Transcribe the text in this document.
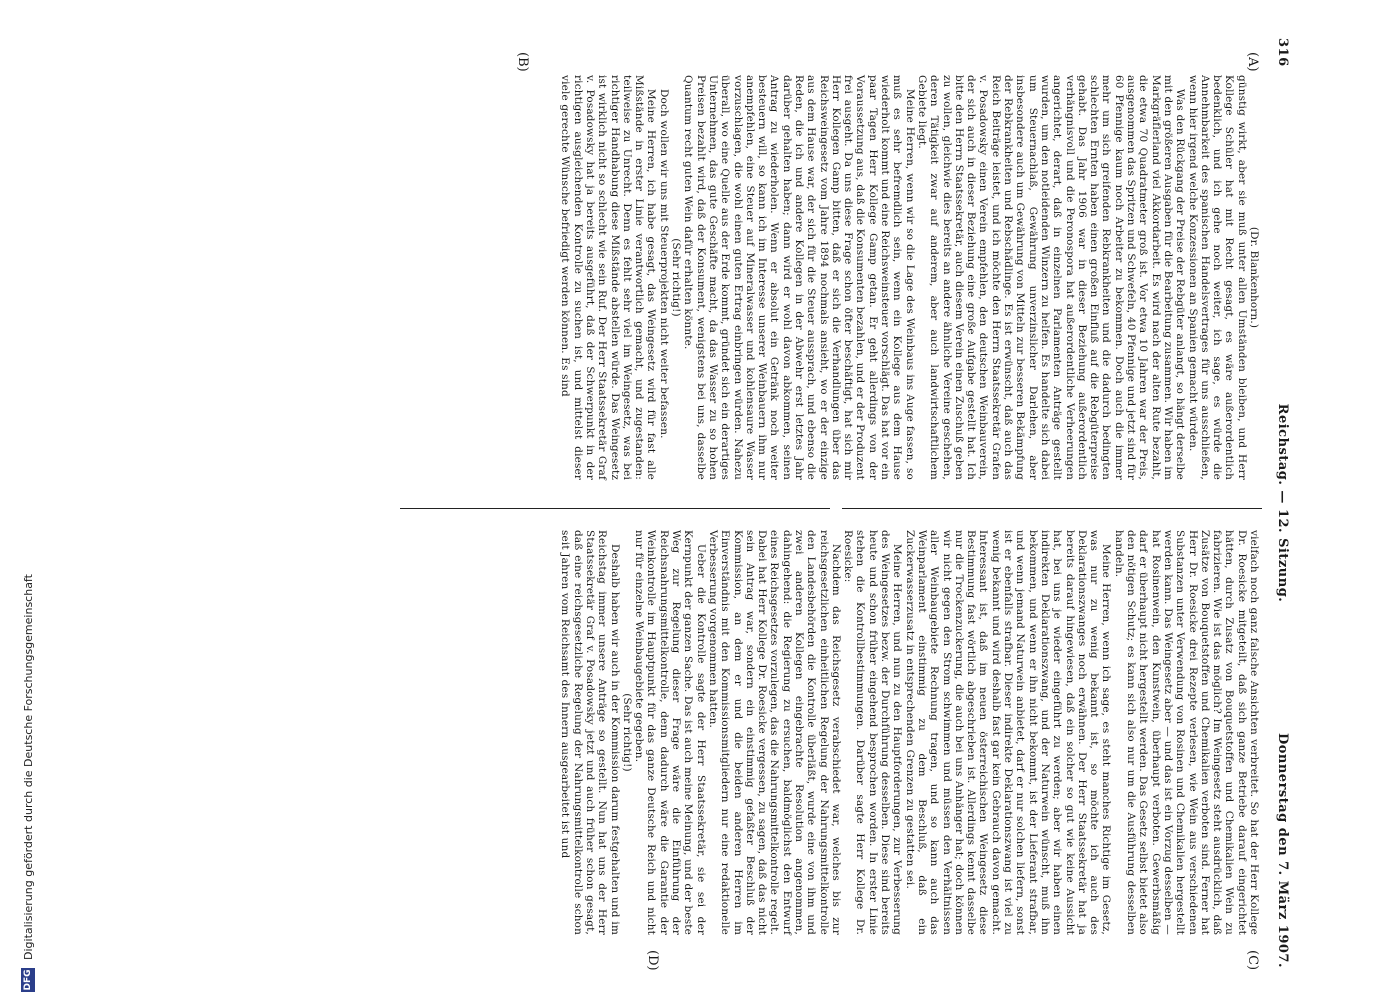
316
Reichstag. — 12. Sitzung.
Donnerstag den 7. März 1907.
(A)
(B)
(C)
(D)

(Dr. Blankenhorn.)

günstig wirkt, aber sie muß unter allen Umständen bleiben, und Herr Kollege Schüler hat mit Recht gesagt, es wäre außerordentlich bedenklich, und ich gehe noch weiter, ich sage, es würde die Annehmbarkeit des spanischen Handelsvertrages für uns ausschließen, wenn hier irgend welche Konzessionen an Spanien gemacht würden.

Was den Rückgang der Preise der Rebgüter anlangt, so hängt derselbe mit den größeren Ausgaben für die Bearbeitung zusammen. Wir haben im Markgräflerland viel Akkordarbeit. Es wird nach der alten Rute bezahlt, die etwa 70 Quadratmeter groß ist. Vor etwa 10 Jahren war der Preis, ausgenommen das Spritzen und Schwefeln, 40 Pfennige und jetzt sind für 60 Pfennige kaum noch Arbeiter zu bekommen. Doch auch die immer mehr um sich greifenden Rebkrankheiten und die dadurch bedingten schlechten Ernten haben einen großen Einfluß auf die Rebgüterpreise gehabt. Das Jahr 1906 war in dieser Beziehung außerordentlich verhängnisvoll und die Peronospora hat außerordentliche Verheerungen angerichtet, derart, daß in einzelnen Parlamenten Anträge gestellt wurden, um den notleidenden Winzern zu helfen. Es handelte sich dabei um Steuernachlaß, Gewährung unverzinslicher Darlehen, aber insbesondere auch um Gewährung von Mitteln zur besseren Bekämpfung der Rebkrankheiten und Rebschädlinge. Es ist erwünscht, daß auch das Reich Beiträge leistet, und ich möchte den Herrn Staatssekretär Grafen v. Posadowsky einen Verein empfehlen, den deutschen Weinbauverein, der sich auch in dieser Beziehung eine große Aufgabe gestellt hat. Ich bitte den Herrn Staatssekretär, auch diesem Verein einen Zuschuß geben zu wollen, gleichwie dies bereits an andere ähnliche Vereine geschehen, deren Tätigkeit zwar auf anderem, aber auch landwirtschaftlichem Gebiete liegt.

Meine Herren, wenn wir so die Lage des Weinbaus ins Auge fassen, so muß es sehr befremdlich sein, wenn ein Kollege aus dem Hause wiederholt kommt und eine Reichsweinsteuer vorschlägt. Das hat vor ein paar Tagen Herr Kollege Gamp getan. Er geht allerdings von der Voraussetzung aus, daß die Konsumenten bezahlen, und er der Produzent frei ausgeht. Da uns diese Frage schon öfter beschäftigt, hat sich mir Herr Kollegen Gamp bitten, daß er sich die Verhandlungen über das Reichsweingesetz vom Jahre 1894 nochmals ansieht, wo er der einzige aus dem Hause war, der sich für die Steuer aussprach, und ebenso die Reden, die ich und andere Kollegen in der Abwehr erst letztes Jahr darüber gehalten haben; dann wird er wohl davon abkommen, seinen Antrag zu wiederholen. Wenn er absolut ein Getränk noch weiter besteuern will, so kann ich im Interesse unserer Weinbauern ihm nur anempfehlen, eine Steuer auf Mineralwasser und kohlensaure Wasser vorzuschlagen, die wohl einen guten Ertrag einbringen würden. Nahezu überall, wo eine Quelle aus der Erde kommt, gründet sich ein derartiges Unternehmen, das gute Geschäfte macht, da das Wasser zu so hohen Preisen bezahlt wird, daß der Konsument, wenigstens bei uns, dasselbe Quantum recht guten Wein dafür erhalten könnte.

(Sehr richtig!)

Doch wollen wir uns mit Steuerprojekten nicht weiter befassen.

Meine Herren, ich habe gesagt, das Weingesetz wird für fast alle Mißstände in erster Linie verantwortlich gemacht, und zugestanden: teilweise zu Unrecht. Denn es fehlt sehr viel im Weingesetz, was bei richtiger Handhabung diese Mißstände abstellen würde. Das Weingesetz ist wirklich nicht so schlecht wie sein Ruf. Der Herr Staatssekretär Graf v. Posadowsky hat ja bereits ausgeführt, daß der Schwerpunkt in der richtigen ausgleichenden Kontrolle zu suchen ist, und mittelst dieser viele gerechte Wünsche befriedigt werden können. Es sind

vielfach noch ganz falsche Ansichten verbreitet. So hat der Herr Kollege Dr. Roesicke mitgeteilt, daß sich ganze Betriebe darauf eingerichtet hätten, durch Zusatz von Bouquetstoffen und Chemikalien Wein zu fabrizieren. Wie ist das möglich? Im Weingesetz steht ausdrücklich, daß Zusätze von Bouquetstoffen und Chemikalien verboten sind. Ferner hat Herr Dr. Roesicke drei Rezepte verlesen, wie Wein aus verschiedenen Substanzen unter Verwendung von Rosinen und Chemikalien hergestellt werden kann. Das Weingesetz aber — und das ist ein Vorzug desselben — hat Rosinenwein, den Kunstwein, überhaupt verboten. Gewerbsmäßig darf er überhaupt nicht hergestellt werden. Das Gesetz selbst bietet also den nötigen Schutz; es kann sich also nur um die Ausführung desselben handeln.

Meine Herren, wenn ich sage, es steht manches Richtige im Gesetz, was nur zu wenig bekannt ist, so möchte ich auch des Deklarationszwanges noch erwähnen. Der Herr Staatssekretär hat ja bereits darauf hingewiesen, daß ein solcher so gut wie keine Aussicht hat, bei uns je wieder eingeführt zu werden; aber wir haben einen indirekten Deklarationszwang, und der Naturwein wünscht, muß ihn bekommen, und wenn er ihn nicht bekommt, ist der Lieferant strafbar, und wenn jemand Naturwein anbietet, darf er nur solchen liefern, sonst ist er ebenfalls strafbar. Dieser indirekte Deklarationszwang ist viel zu wenig bekannt und wird deshalb fast gar kein Gebrauch davon gemacht. Interessant ist, daß im neuen österreichischen Weingesetz diese Bestimmung fast wörtlich abgeschrieben ist. Allerdings kennt dasselbe nur die Trockenzuckerung, die auch bei uns Anhänger hat; doch können wir nicht gegen den Strom schwimmen und müssen den Verhältnissen aller Weinbaugebiete Rechnung tragen, und so kann auch das Weinparlament einstimmig zu dem Beschluß, daß ein Zuckerwasserzusatz in entsprechenden Grenzen zu gestatten sei.

Meine Herren, und nun zu den Hauptforderungen, zur Verbesserung des Weingesetzes bezw. der Durchführung desselben. Diese sind bereits heute und schon früher eingehend besprochen worden. In erster Linie stehen die Kontrollbestimmungen. Darüber sagte Herr Kollege Dr. Roesicke:

Nachdem das Reichsgesetz verabschiedet war, welches bis zur reichsgesetzlichen einheitlichen Regelung der Nahrungsmittelkontrolle den Landesbehörden die Kontrolle überläßt, wurde eine von ihm und zwei anderen Kollegen eingebrachte Resolution angenommen, dahingehend: die Regierung zu ersuchen, baldmöglichst den Entwurf eines Reichsgesetzes vorzulegen, das die Nahrungsmittelkontrolle regelt. Dabei hat Herr Kollege Dr. Roesicke vergessen, zu sagen, daß das nicht sein Antrag war, sondern ein einstimmig gefaßter Beschluß der Kommission, an dem er und die beiden anderen Herren im Einverständnis mit den Kommissionsmitgliedern nur eine redaktionelle Verbesserung vorgenommen hatten.

Ueber die Kontrolle sagte der Herr Staatssekretär, sie sei der Kernpunkt der ganzen Sache. Das ist auch meine Meinung, und der beste Weg zur Regelung dieser Frage wäre die Einführung der Reichsnahrungsmittelkontrolle, denn dadurch wäre die Garantie der Weinkontrolle im Hauptpunkt für das ganze Deutsche Reich und nicht nur für einzelne Weinbaugebiete gegeben.

(Sehr richtig!)

Deshalb haben wir auch in der Kommission darum festgehalten und im Reichstag immer unsere Anträge so gestellt. Nun hat uns der Herr Staatssekretär Graf v. Posadowsky jetzt und auch früher schon gesagt, daß eine reichsgesetzliche Regelung der Nahrungsmittelkontrolle schon seit Jahren vom Reichsamt des Innern ausgearbeitet ist und

DFG
Digitalisierung gefördert durch die Deutsche Forschungsgemeinschaft
